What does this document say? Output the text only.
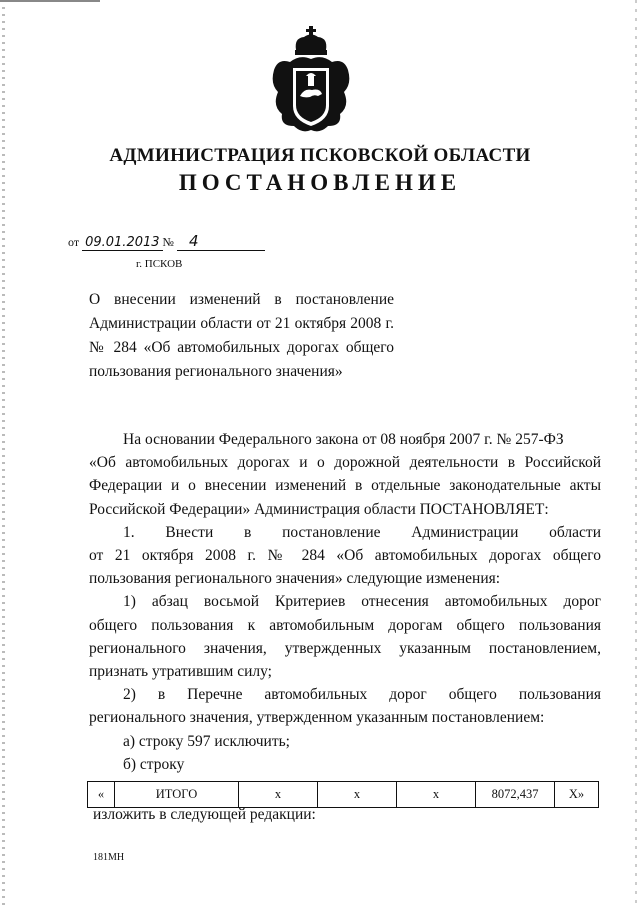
АДМИНИСТРАЦИЯ ПСКОВСКОЙ ОБЛАСТИ
ПОСТАНОВЛЕНИЕ
от 09.01.2013 № 4
г. ПСКОВ
О внесении изменений в постановление
Администрации области от 21 октября 2008 г.
№ 284 «Об автомобильных дорогах общего
пользования регионального значения»

На основании Федерального закона от 08 ноября 2007 г. № 257-ФЗ

«Об автомобильных дорогах и о дорожной деятельности в Российской

Федерации и о внесении изменений в отдельные законодательные акты

Российской Федерации» Администрация области ПОСТАНОВЛЯЕТ:

1. Внести в постановление Администрации области

от 21 октября 2008 г. № 284 «Об автомобильных дорогах общего

пользования регионального значения» следующие изменения:

1) абзац восьмой Критериев отнесения автомобильных дорог

общего пользования к автомобильным дорогам общего пользования

регионального значения, утвержденных указанным постановлением,

признать утратившим силу;

2) в Перечне автомобильных дорог общего пользования

регионального значения, утвержденном указанным постановлением:

а) строку 597 исключить;

б) строку

«	ИТОГО	х	х	х	8072,437	Х»
изложить в следующей редакции:
181МН
